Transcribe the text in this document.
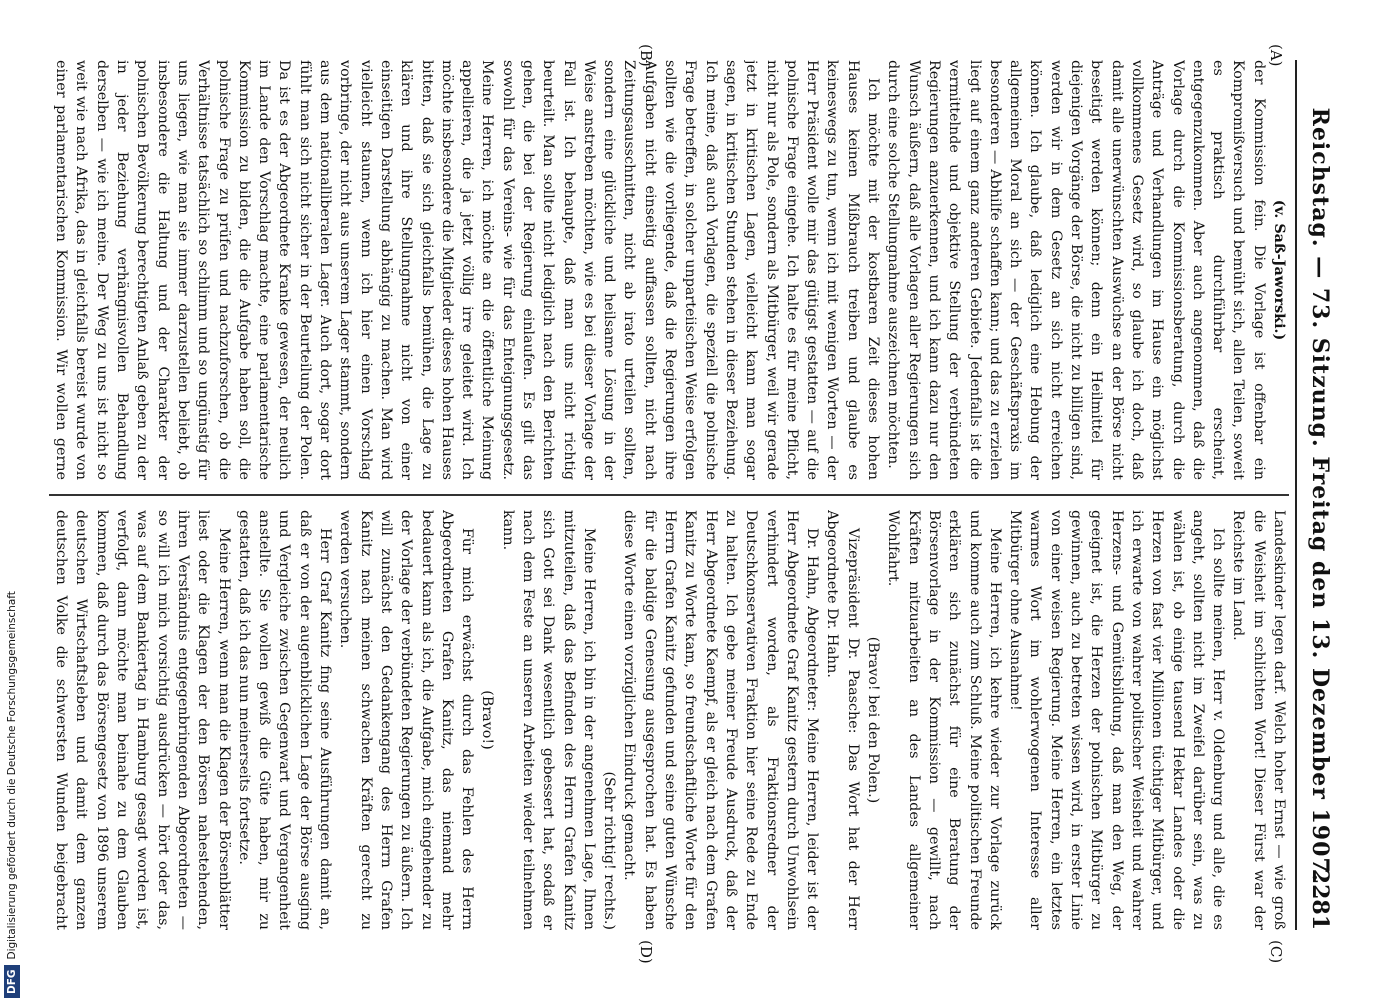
Reichstag. — 73. Sitzung. Freitag den 13. Dezember 1907.
2281
(A)
(B)
(C)
(D)
(v. Saß-Jaworski.)

der Kommission fein. Die Vorlage ist offenbar ein Kompromißversuch und bemüht sich, allen Teilen, soweit es praktisch durchführbar erscheint, entgegenzukommen. Aber auch angenommen, daß die Vorlage durch die Kommissionsberatung, durch die Anträge und Verhandlungen im Hause ein möglichst vollkommenes Gesetz wird, so glaube ich doch, daß damit alle unerwünschten Auswüchse an der Börse nicht beseitigt werden können; denn ein Heilmittel für diejenigen Vorgänge der Börse, die nicht zu billigen sind, werden wir in dem Gesetz an sich nicht erreichen können. Ich glaube, daß lediglich eine Hebung der allgemeinen Moral an sich — der Geschäftspraxis im besonderen — Abhilfe schaffen kann; und das zu erzielen liegt auf einem ganz anderen Gebiete. Jedenfalls ist die vermittelnde und objektive Stellung der verbündeten Regierungen anzuerkennen, und ich kann dazu nur den Wunsch äußern, daß alle Vorlagen aller Regierungen sich durch eine solche Stellungnahme auszeichnen möchten.

Ich möchte mit der kostbaren Zeit dieses hohen Hauses keinen Mißbrauch treiben und glaube es keineswegs zu tun, wenn ich mit wenigen Worten — der Herr Präsident wolle mir das gütigst gestatten — auf die polnische Frage eingehe. Ich halte es für meine Pflicht, nicht nur als Pole, sondern als Mitbürger, weil wir gerade jetzt in kritischen Lagen, vielleicht kann man sogar sagen, in kritischen Stunden stehen in dieser Beziehung. Ich meine, daß auch Vorlagen, die speziell die polnische Frage betreffen, in solcher unparteiischen Weise erfolgen sollten wie die vorliegende, daß die Regierungen ihre Aufgaben nicht einseitig auffassen sollten, nicht nach Zeitungsausschnitten, nicht ab irato urteilen sollten, sondern eine glückliche und heilsame Lösung in der Weise anstreben möchten, wie es bei dieser Vorlage der Fall ist. Ich behaupte, daß man uns nicht richtig beurteilt. Man sollte nicht lediglich nach den Berichten gehen, die bei der Regierung einlaufen. Es gilt das sowohl für das Vereins- wie für das Enteignungsgesetz. Meine Herren, ich möchte an die öffentliche Meinung appellieren, die ja jetzt völlig irre geleitet wird. Ich möchte insbesondere die Mitglieder dieses hohen Hauses bitten, daß sie sich gleichfalls bemühen, die Lage zu klären und ihre Stellungnahme nicht von einer einseitigen Darstellung abhängig zu machen. Man wird vielleicht staunen, wenn ich hier einen Vorschlag vorbringe, der nicht aus unserem Lager stammt, sondern aus dem nationalliberalen Lager. Auch dort, sogar dort fühlt man sich nicht sicher in der Beurteilung der Polen. Da ist es der Abgeordnete Kranke gewesen, der neulich im Lande den Vorschlag machte, eine parlamentarische Kommission zu bilden, die die Aufgabe haben soll, die polnische Frage zu prüfen und nachzuforschen, ob die Verhältnisse tatsächlich so schlimm und so ungünstig für uns liegen, wie man sie immer darzustellen beliebt, ob insbesondere die Haltung und der Charakter der polnischen Bevölkerung berechtigten Anlaß geben zu der in jeder Beziehung verhängnisvollen Behandlung derselben — wie ich meine. Der Weg zu uns ist nicht so weit wie nach Afrika, das in gleichfalls bereist wurde von einer parlamentarischen Kommission. Wir wollen gerne

Landeskinder legen darf. Welch hoher Ernst — wie groß die Weisheit im schlichten Wort! Dieser Fürst war der Reichste im Land.

Ich sollte meinen, Herr v. Oldenburg und alle, die es angeht, sollten nicht im Zweifel darüber sein, was zu wählen ist, ob einige tausend Hektar Landes oder die Herzen von fast vier Millionen tüchtiger Mitbürger, und ich erwarte von wahrer politischer Weisheit und wahrer Herzens- und Gemütsbildung, daß man den Weg, der geeignet ist, die Herzen der polnischen Mitbürger zu gewinnen, auch zu betreten wissen wird, in erster Linie von einer weisen Regierung. Meine Herren, ein letztes warmes Wort im wohlerwogenen Interesse aller Mitbürger ohne Ausnahme!

Meine Herren, ich kehre wieder zur Vorlage zurück und komme auch zum Schluß. Meine politischen Freunde erklären sich zunächst für eine Beratung der Börsenvorlage in der Kommission — gewillt, nach Kräften mitzuarbeiten an des Landes allgemeiner Wohlfahrt.

(Bravo! bei den Polen.)

Vizepräsident Dr. Paasche: Das Wort hat der Herr Abgeordnete Dr. Hahn.

Dr. Hahn, Abgeordneter: Meine Herren, leider ist der Herr Abgeordnete Graf Kanitz gestern durch Unwohlsein verhindert worden, als Fraktionsredner der Deutschkonservativen Fraktion hier seine Rede zu Ende zu halten. Ich gebe meiner Freude Ausdruck, daß der Herr Abgeordnete Kaempf, als er gleich nach dem Grafen Kanitz zu Worte kam, so freundschaftliche Worte für den Herrn Grafen Kanitz gefunden und seine guten Wünsche für die baldige Genesung ausgesprochen hat. Es haben diese Worte einen vorzüglichen Eindruck gemacht.

(Sehr richtig! rechts.)

Meine Herren, ich bin in der angenehmen Lage, Ihnen mitzuteilen, daß das Befinden des Herrn Grafen Kanitz sich Gott sei Dank wesentlich gebessert hat, sodaß er nach dem Feste an unseren Arbeiten wieder teilnehmen kann.

(Bravo!)

Für mich erwächst durch das Fehlen des Herrn Abgeordneten Grafen Kanitz, das niemand mehr bedauert kann als ich, die Aufgabe, mich eingehender zu der Vorlage der verbündeten Regierungen zu äußern. Ich will zunächst den Gedankengang des Herrn Grafen Kanitz nach meinen schwachen Kräften gerecht zu werden versuchen.

Herr Graf Kanitz fing seine Ausführungen damit an, daß er von der augenblicklichen Lage der Börse ausging und Vergleiche zwischen Gegenwart und Vergangenheit anstellte. Sie wollen gewiß die Güte haben, mir zu gestatten, daß ich das nun meinerseits fortsetze.

Meine Herren, wenn man die Klagen der Börsenblätter liest oder die Klagen der den Börsen nahestehenden, ihren Verständnis entgegenbringenden Abgeordneten — so will ich mich vorsichtig ausdrücken — hört oder das, was auf dem Bankiertag in Hamburg gesagt worden ist, verfolgt, dann möchte man beinahe zu dem Glauben kommen, daß durch das Börsengesetz von 1896 unserem deutschen Wirtschaftsleben und damit dem ganzen deutschen Volke die schwersten Wunden beigebracht

DFGDigitalisierung gefördert durch die Deutsche Forschungsgemeinschaft
